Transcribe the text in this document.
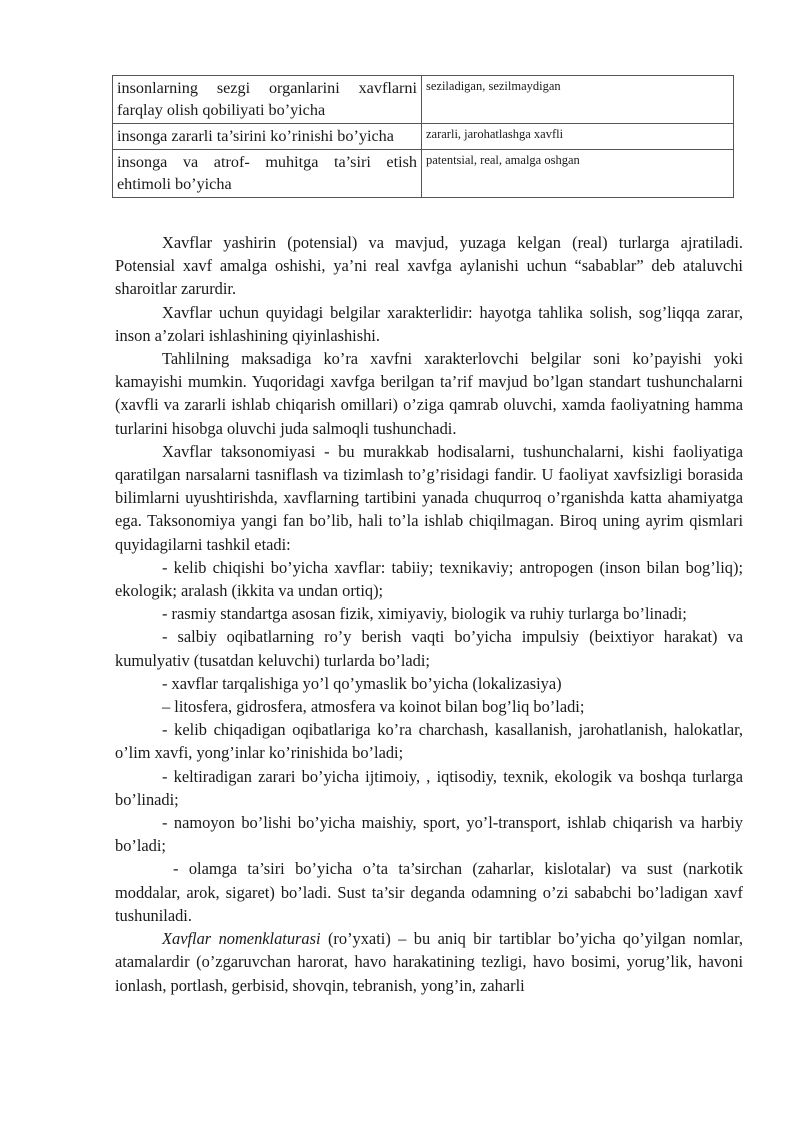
insonlarning sezgi organlarini xavflarni farqlay olish qobiliyati bo’yicha	seziladigan, sezilmaydigan
insonga zararli ta’sirini ko’rinishi bo’yicha	zararli, jarohatlashga xavfli
insonga va atrof- muhitga ta’siri etish ehtimoli bo’yicha	patentsial, real, amalga oshgan

Xavflar yashirin (potensial) va mavjud, yuzaga kelgan (real) turlarga ajratiladi. Potensial xavf amalga oshishi, ya’ni real xavfga aylanishi uchun “sabablar” deb ataluvchi sharoitlar zarurdir.

Xavflar uchun quyidagi belgilar xarakterlidir: hayotga tahlika solish, sog’liqqa zarar, inson a’zolari ishlashining qiyinlashishi.

Tahlilning maksadiga ko’ra xavfni xarakterlovchi belgilar soni ko’payishi yoki kamayishi mumkin. Yuqoridagi xavfga berilgan ta’rif mavjud bo’lgan standart tushunchalarni (xavfli va zararli ishlab chiqarish omillari) o’ziga qamrab oluvchi, xamda faoliyatning hamma turlarini hisobga oluvchi juda salmoqli tushunchadi.

Xavflar taksonomiyasi - bu murakkab hodisalarni, tushunchalarni, kishi faoliyatiga qaratilgan narsalarni tasniflash va tizimlash to’g’risidagi fandir. U faoliyat xavfsizligi borasida bilimlarni uyushtirishda, xavflarning tartibini yanada chuqurroq o’rganishda katta ahamiyatga ega. Taksonomiya yangi fan bo’lib, hali to’la ishlab chiqilmagan. Biroq uning ayrim qismlari quyidagilarni tashkil etadi:

- kelib chiqishi bo’yicha xavflar: tabiiy; texnikaviy; antropogen (inson bilan bog’liq); ekologik; aralash (ikkita va undan ortiq);

- rasmiy standartga asosan fizik, ximiyaviy, biologik va ruhiy turlarga bo’linadi;

- salbiy oqibatlarning ro’y berish vaqti bo’yicha impulsiy (beixtiyor harakat) va kumulyativ (tusatdan keluvchi) turlarda bo’ladi;

- xavflar tarqalishiga yo’l qo’ymaslik bo’yicha (lokalizasiya)

– litosfera, gidrosfera, atmosfera va koinot bilan bog’liq bo’ladi;

- kelib chiqadigan oqibatlariga ko’ra charchash, kasallanish, jarohatlanish, halokatlar, o’lim xavfi, yong’inlar ko’rinishida bo’ladi;

- keltiradigan zarari bo’yicha ijtimoiy, , iqtisodiy, texnik, ekologik va boshqa turlarga bo’linadi;

- namoyon bo’lishi bo’yicha maishiy, sport, yo’l-transport, ishlab chiqarish va harbiy bo’ladi;

- olamga ta’siri bo’yicha o’ta ta’sirchan (zaharlar, kislotalar) va sust (narkotik moddalar, arok, sigaret) bo’ladi. Sust ta’sir deganda odamning o’zi sababchi bo’ladigan xavf tushuniladi.

Xavflar nomenklaturasi (ro’yxati) – bu aniq bir tartiblar bo’yicha qo’yilgan nomlar, atamalardir (o’zgaruvchan harorat, havo harakatining tezligi, havo bosimi, yorug’lik, havoni ionlash, portlash, gerbisid, shovqin, tebranish, yong’in, zaharli
